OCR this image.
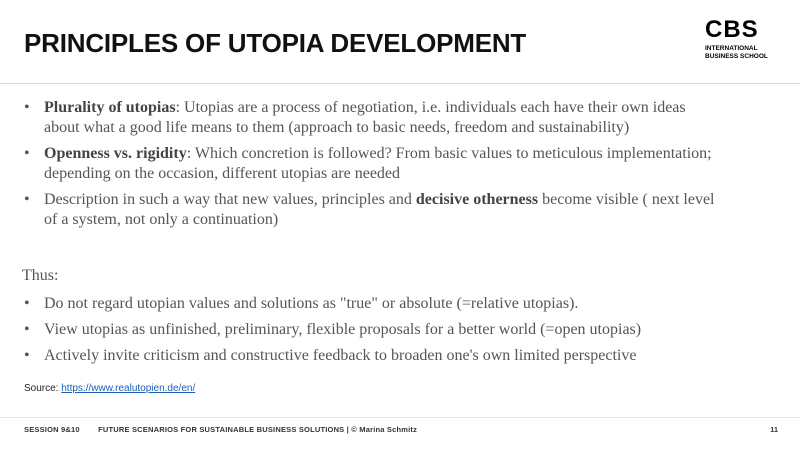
PRINCIPLES OF UTOPIA DEVELOPMENT	CBS
INTERNATIONAL
BUSINESS SCHOOL
• Plurality of utopias: Utopias are a process of negotiation, i.e. individuals each have their own ideas about what a good life means to them (approach to basic needs, freedom and sustainability)
• Openness vs. rigidity: Which concretion is followed? From basic values to meticulous implementation; depending on the occasion, different utopias are needed
• Description in such a way that new values, principles and decisive otherness become visible ( next level of a system, not only a continuation)
Thus:
• Do not regard utopian values and solutions as "true" or absolute (=relative utopias).
• View utopias as unfinished, preliminary, flexible proposals for a better world (=open utopias)
• Actively invite criticism and constructive feedback to broaden one's own limited perspective
Source: https://www.realutopien.de/en/
SESSION 9&10 FUTURE SCENARIOS FOR SUSTAINABLE BUSINESS SOLUTIONS | © Marina Schmitz	11
